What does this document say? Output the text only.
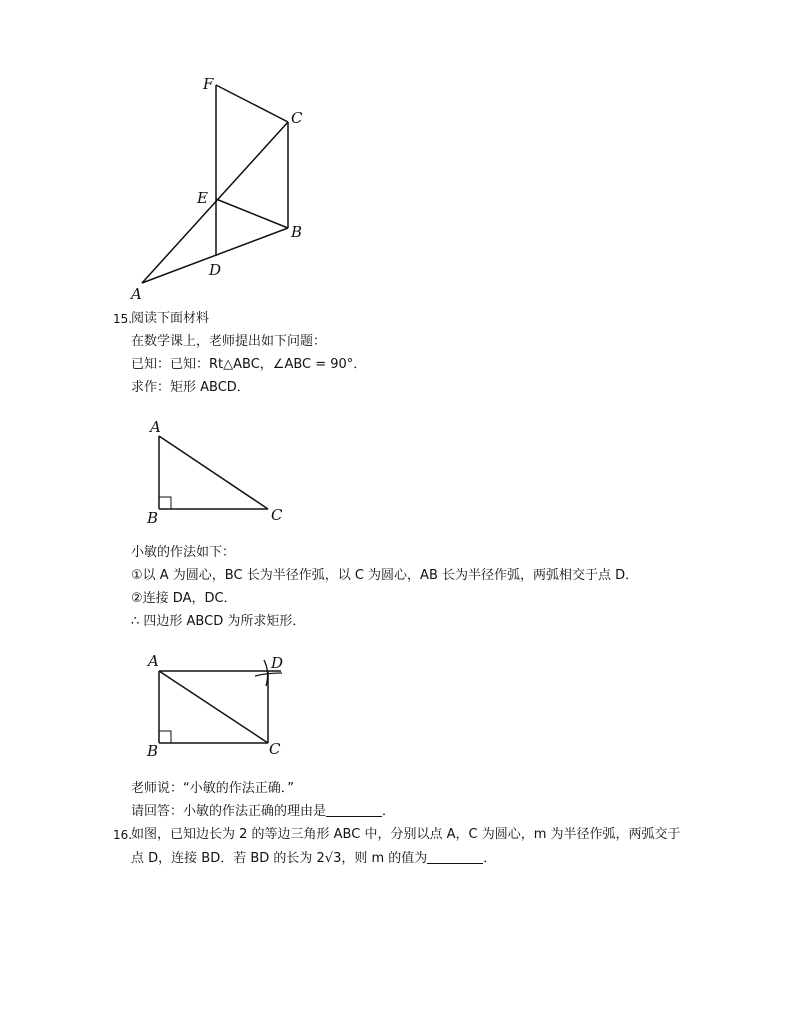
F
C
E
B
D
A
15.
阅读下面材料
在数学课上，老师提出如下问题：
已知：已知：Rt△ABC，∠ABC = 90°．
求作：矩形 ABCD．
A
B	C
小敏的作法如下：
①以 A 为圆心，BC 长为半径作弧，以 C 为圆心，AB 长为半径作弧，两弧相交于点 D．
②连接 DA，DC．
∴ 四边形 ABCD 为所求矩形．
A	D
B	C
老师说：“小敏的作法正确．”
请回答：小敏的作法正确的理由是	．
16.
如图，已知边长为 2 的等边三角形 ABC 中，分别以点 A，C 为圆心，m 为半径作弧，两弧交于
点 D，连接 BD．若 BD 的长为 2√3，则 m 的值为	．
